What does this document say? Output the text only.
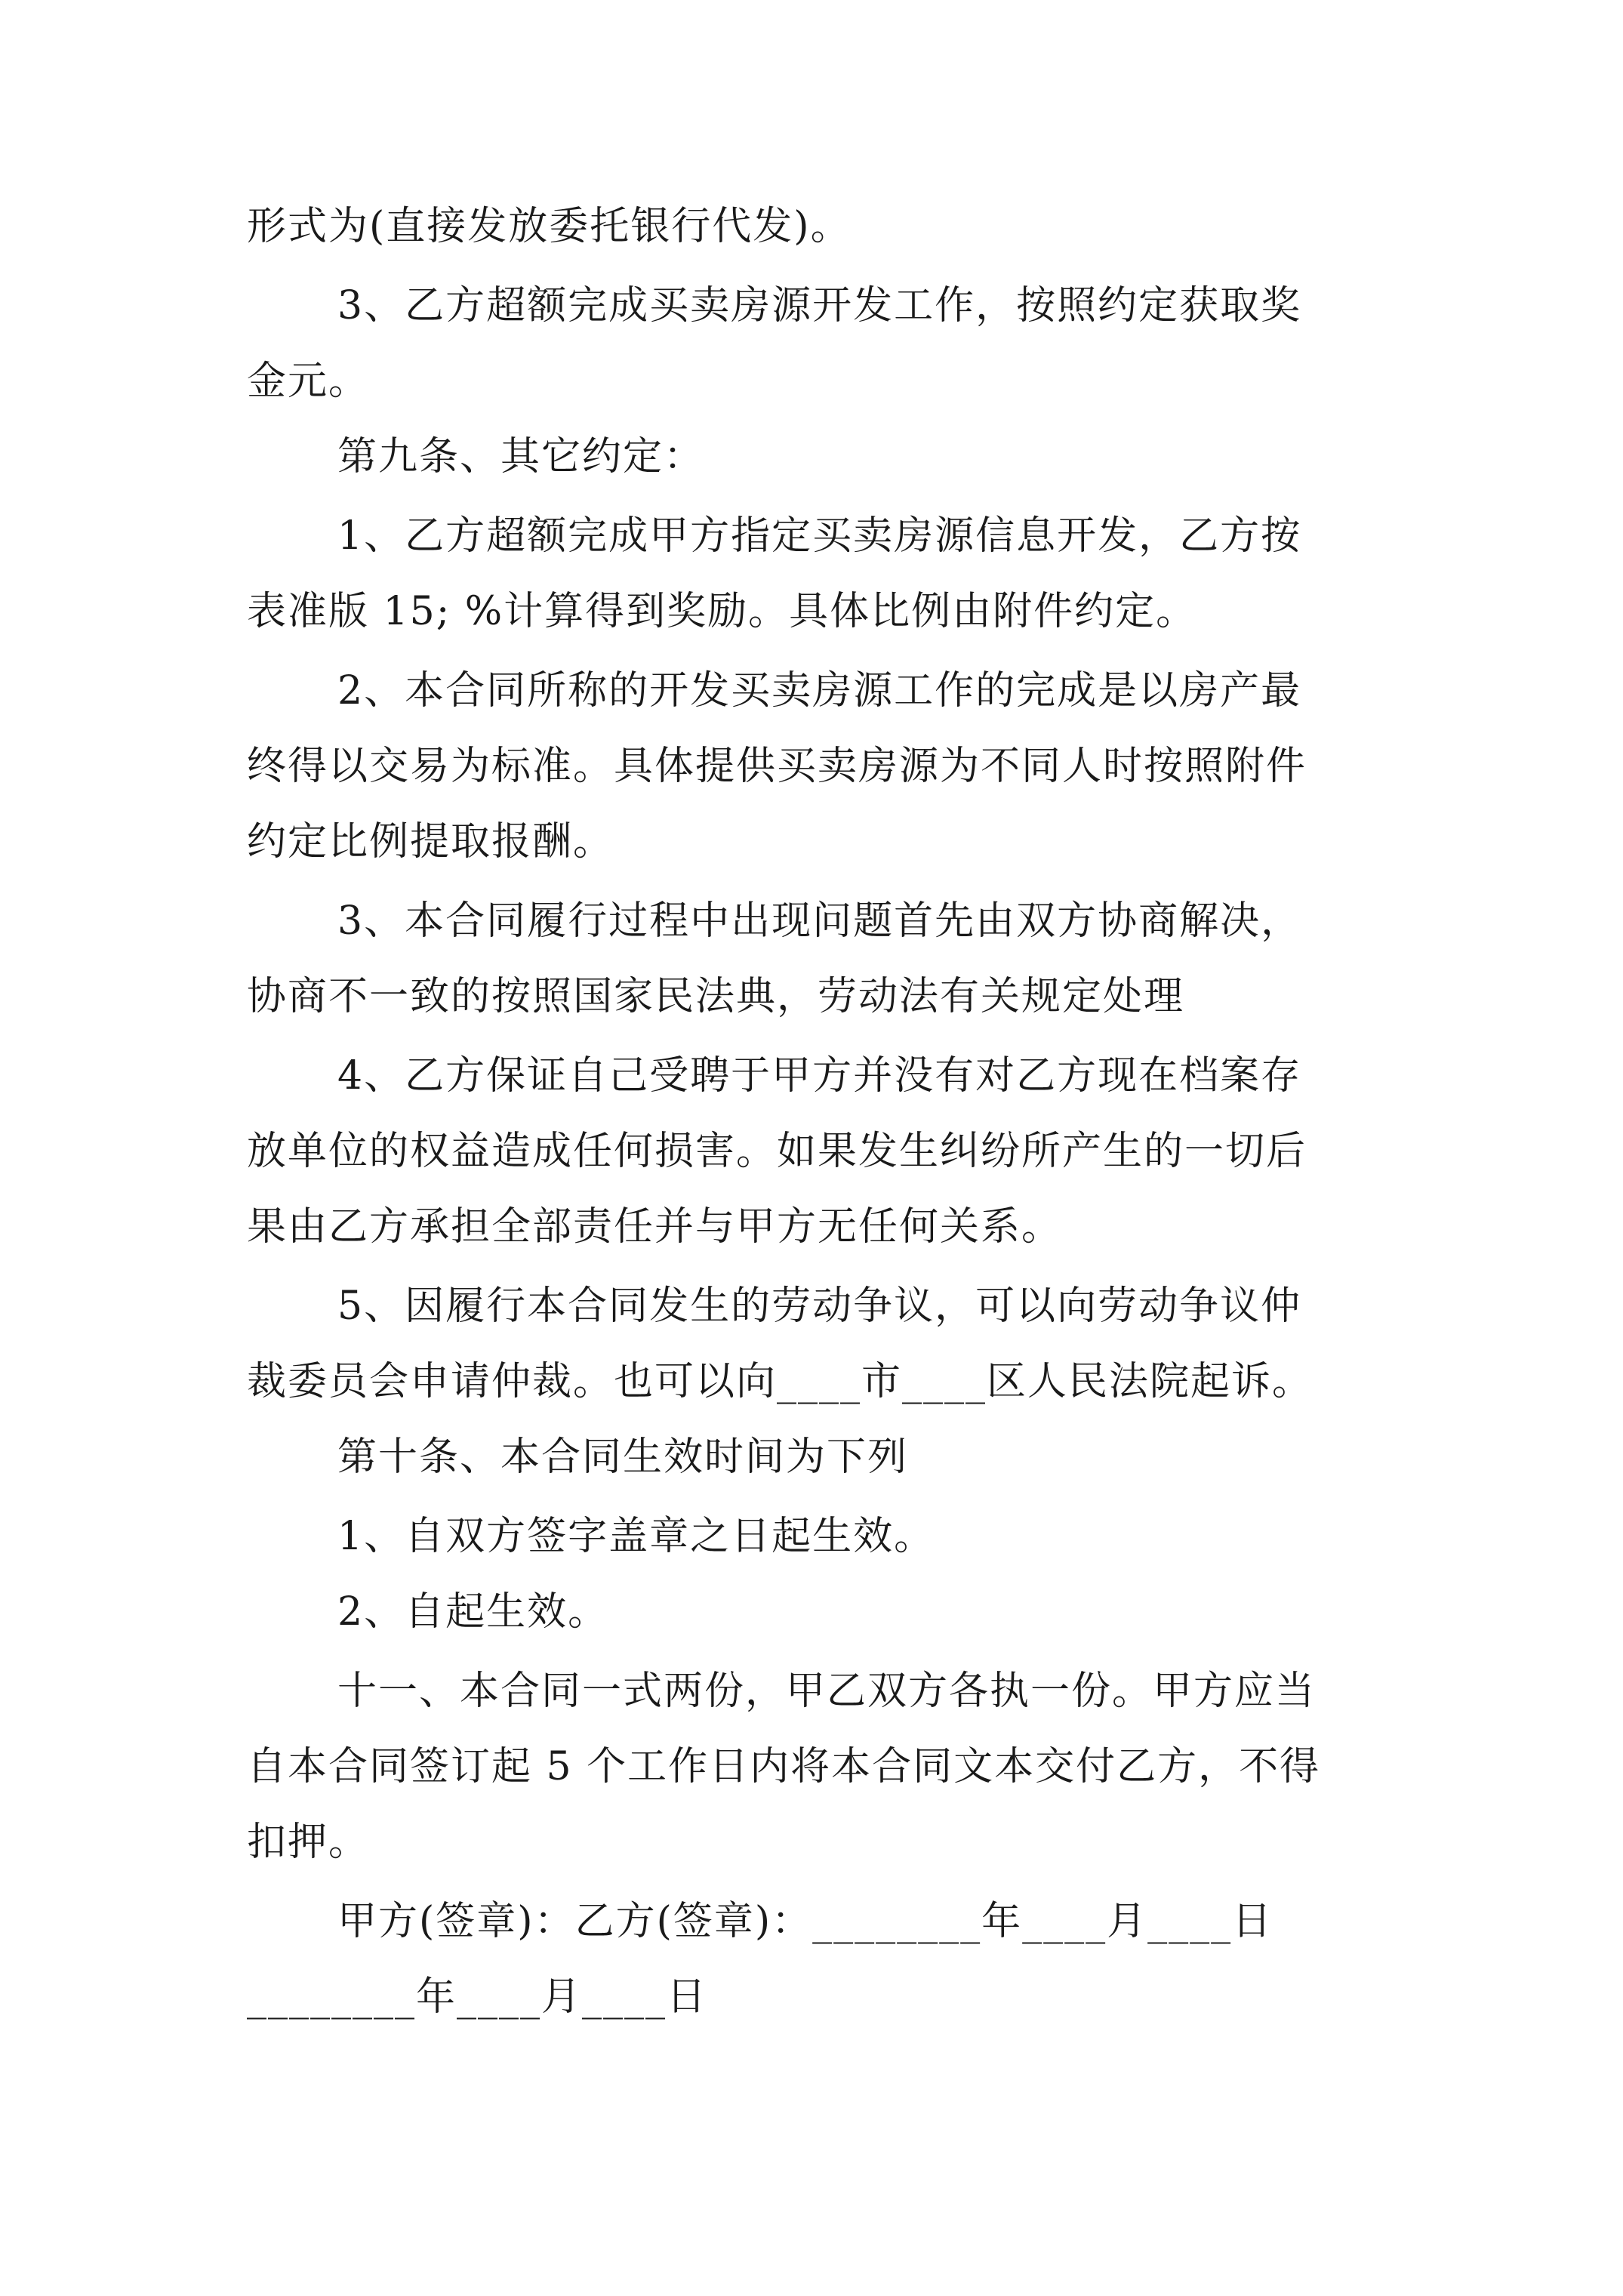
形式为(直接发放委托银行代发)。
3、乙方超额完成买卖房源开发工作，按照约定获取奖
金元。
第九条、其它约定：
1、乙方超额完成甲方指定买卖房源信息开发，乙方按
表准版 15; %计算得到奖励。具体比例由附件约定。
2、本合同所称的开发买卖房源工作的完成是以房产最
终得以交易为标准。具体提供买卖房源为不同人时按照附件
约定比例提取报酬。
3、本合同履行过程中出现问题首先由双方协商解决，
协商不一致的按照国家民法典，劳动法有关规定处理
4、乙方保证自己受聘于甲方并没有对乙方现在档案存
放单位的权益造成任何损害。如果发生纠纷所产生的一切后
果由乙方承担全部责任并与甲方无任何关系。
5、因履行本合同发生的劳动争议，可以向劳动争议仲
裁委员会申请仲裁。也可以向____市____区人民法院起诉。
第十条、本合同生效时间为下列
1、自双方签字盖章之日起生效。
2、自起生效。
十一、本合同一式两份，甲乙双方各执一份。甲方应当
自本合同签订起 5 个工作日内将本合同文本交付乙方，不得
扣押。
甲方(签章)：乙方(签章)：________年____月____日
________年____月____日
